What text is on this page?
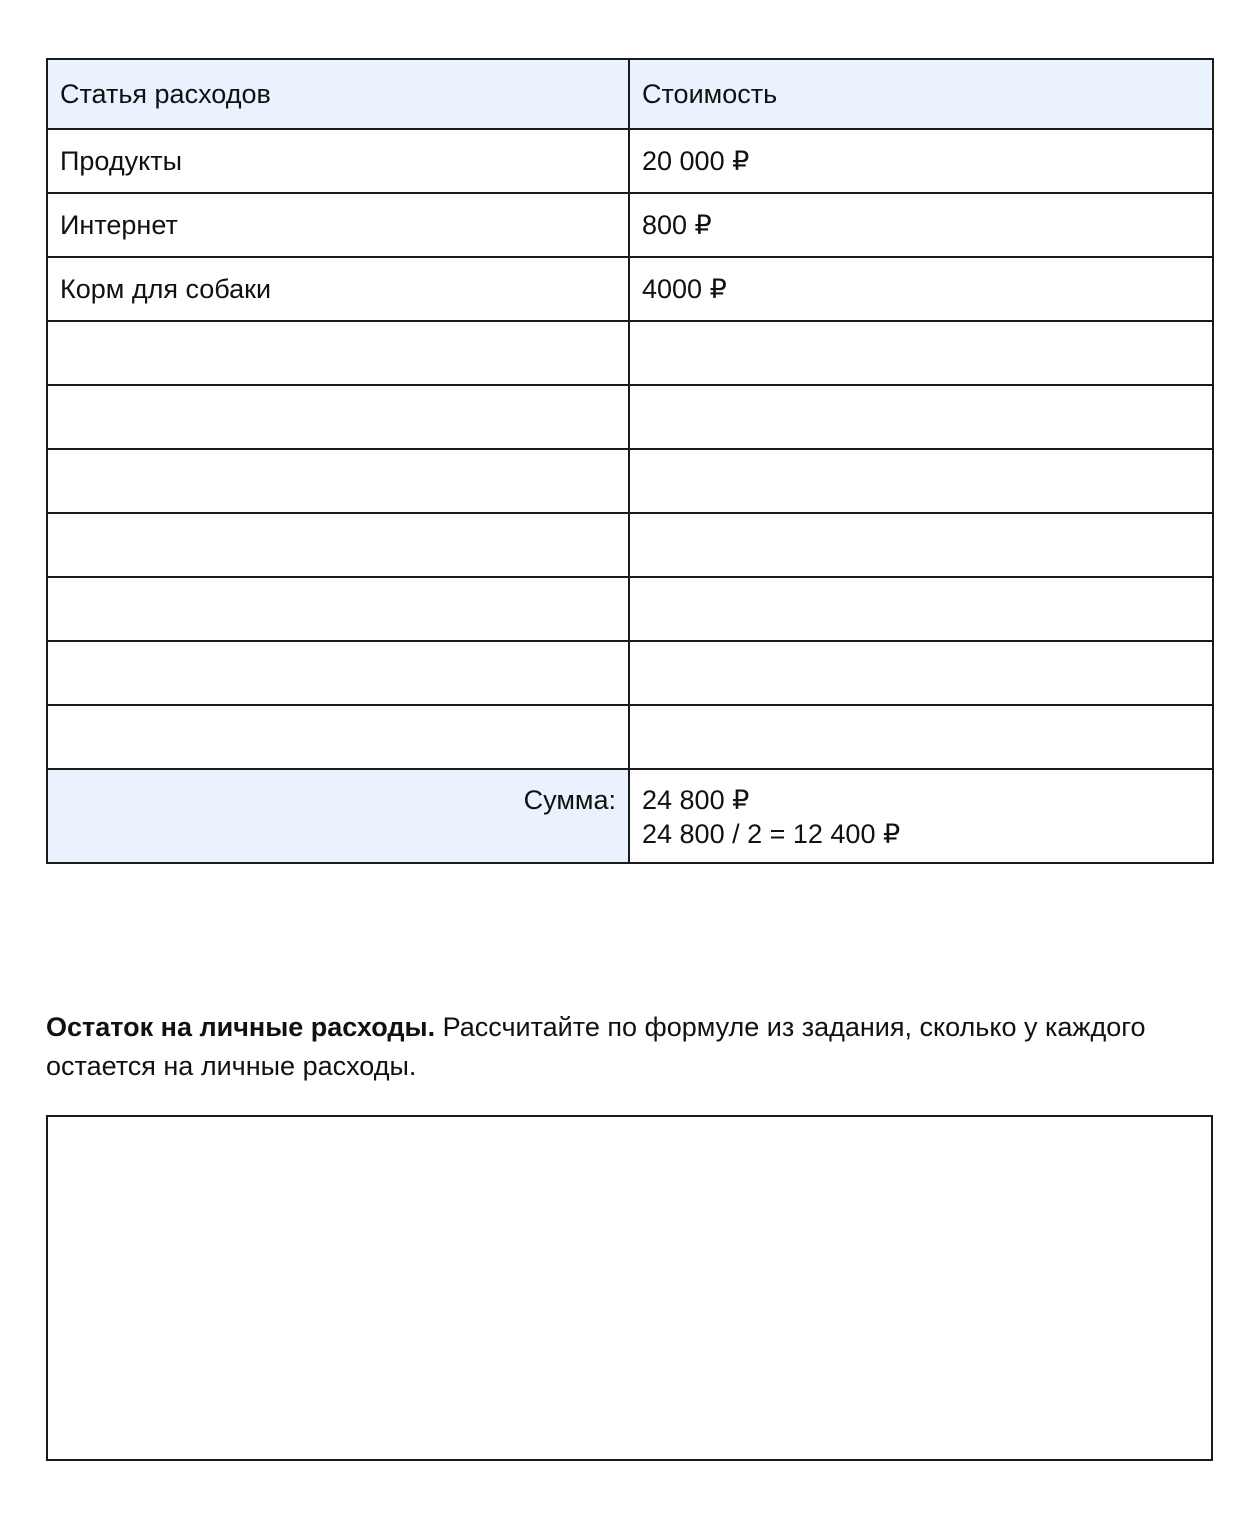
Статья расходов	Стоимость
Продукты	20 000 ₽
Интернет	800 ₽
Корм для собаки	4000 ₽

Сумма:	24 800 ₽
24 800 / 2 = 12 400 ₽

Остаток на личные расходы. Рассчитайте по формуле из задания, сколько у каждого остается на личные расходы.
